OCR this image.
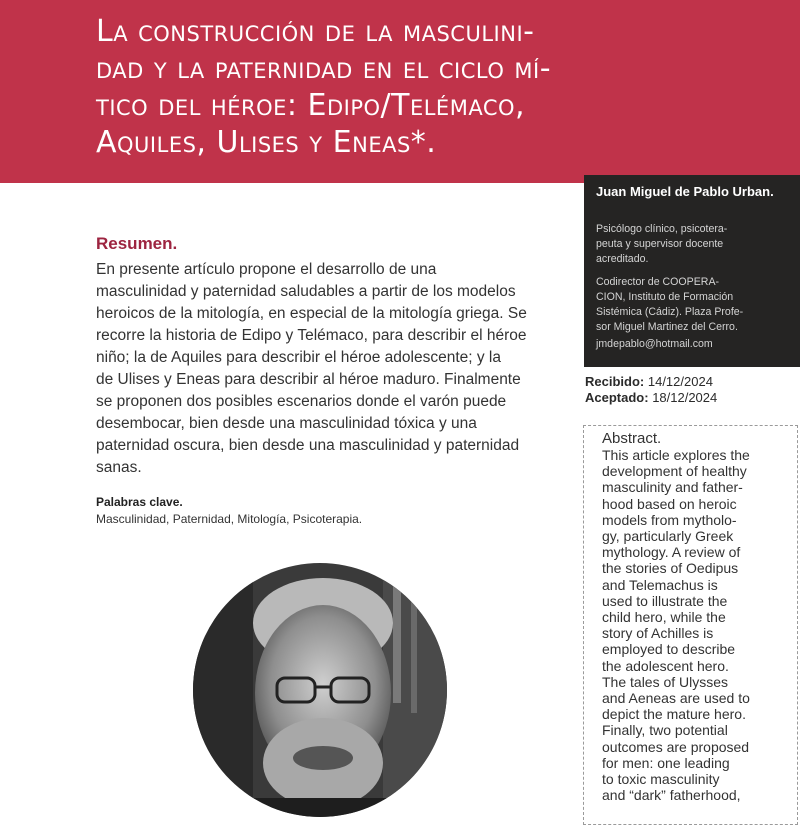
La construcción de la masculini-
dad y la paternidad en el ciclo mí-
tico del héroe: Edipo/Telémaco,
Aquiles, Ulises y Eneas*.
Juan Miguel de Pablo Urban.
Psicólogo clínico, psicotera-
peuta y supervisor docente
acreditado.
Codirector de COOPERA-
CION, Instituto de Formación
Sistémica (Cádiz). Plaza Profe-
sor Miguel Martinez del Cerro.
jmdepablo@hotmail.com
Recibido: 14/12/2024
Aceptado: 18/12/2024
Resumen.
En presente artículo propone el desarrollo de una
masculinidad y paternidad saludables a partir de los modelos
heroicos de la mitología, en especial de la mitología griega. Se
recorre la historia de Edipo y Telémaco, para describir el héroe
niño; la de Aquiles para describir el héroe adolescente; y la
de Ulises y Eneas para describir al héroe maduro. Finalmente
se proponen dos posibles escenarios donde el varón puede
desembocar, bien desde una masculinidad tóxica y una
paternidad oscura, bien desde una masculinidad y paternidad
sanas.
Palabras clave.
Masculinidad, Paternidad, Mitología, Psicoterapia.
Abstract.
This article explores the
development of healthy
masculinity and father-
hood based on heroic
models from mytholo-
gy, particularly Greek
mythology. A review of
the stories of Oedipus
and Telemachus is
used to illustrate the
child hero, while the
story of Achilles is
employed to describe
the adolescent hero.
The tales of Ulysses
and Aeneas are used to
depict the mature hero.
Finally, two potential
outcomes are proposed
for men: one leading
to toxic masculinity
and “dark” fatherhood,
